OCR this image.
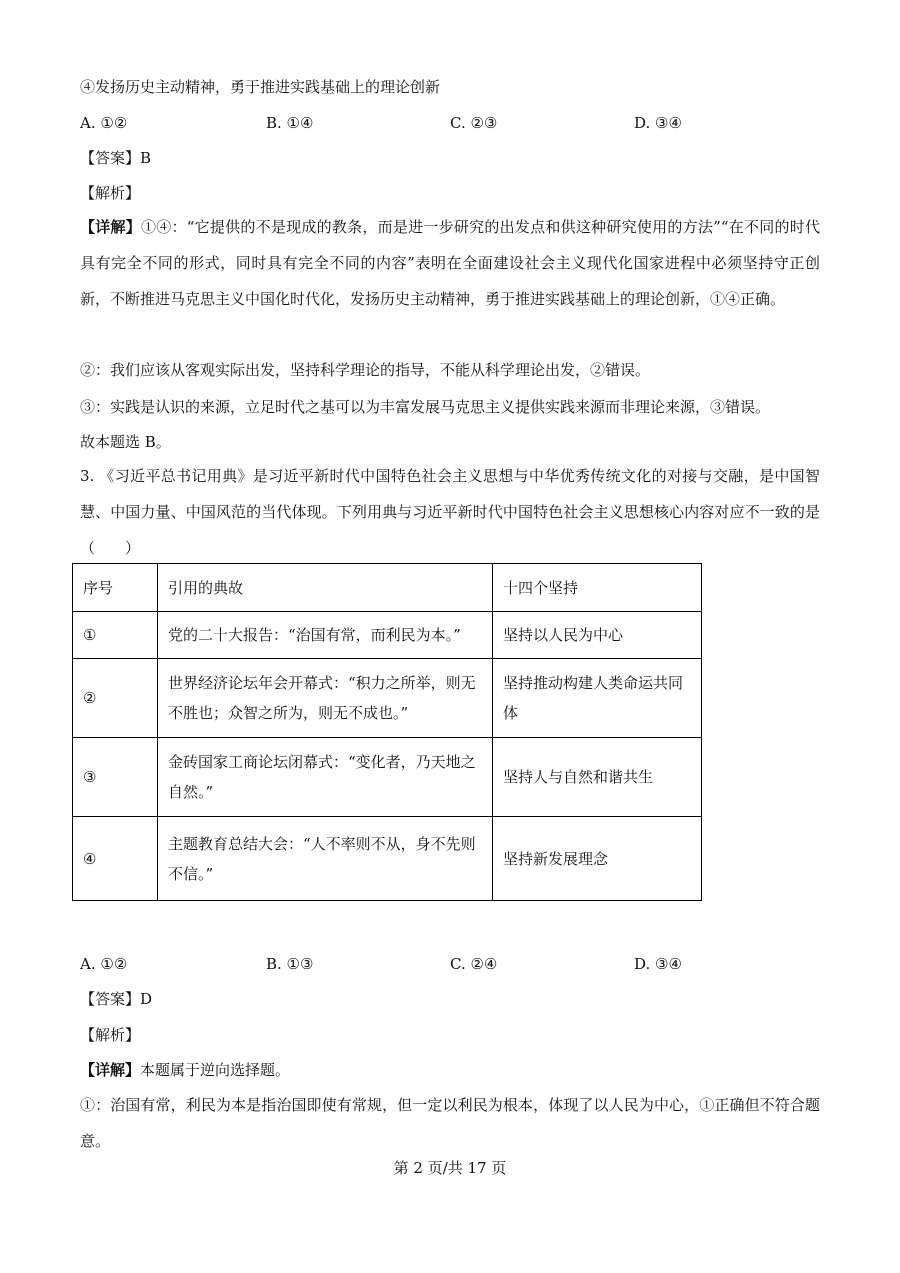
④发扬历史主动精神，勇于推进实践基础上的理论创新
A. ①②	B. ①④	C. ②③	D. ③④
【答案】B
【解析】
【详解】①④：“它提供的不是现成的教条，而是进一步研究的出发点和供这种研究使用的方法”“在不同的时代具有完全不同的形式，同时具有完全不同的内容”表明在全面建设社会主义现代化国家进程中必须坚持守正创新，不断推进马克思主义中国化时代化，发扬历史主动精神，勇于推进实践基础上的理论创新，①④正确。
②：我们应该从客观实际出发，坚持科学理论的指导，不能从科学理论出发，②错误。
③：实践是认识的来源，立足时代之基可以为丰富发展马克思主义提供实践来源而非理论来源，③错误。
故本题选 B。
3. 《习近平总书记用典》是习近平新时代中国特色社会主义思想与中华优秀传统文化的对接与交融，是中国智慧、中国力量、中国风范的当代体现。下列用典与习近平新时代中国特色社会主义思想核心内容对应不一致的是（　　）
序号	引用的典故	十四个坚持
①	党的二十大报告：“治国有常，而利民为本。”	坚持以人民为中心
②	世界经济论坛年会开幕式：“积力之所举，则无不胜也；众智之所为，则无不成也。”	坚持推动构建人类命运共同体
③	金砖国家工商论坛闭幕式：“变化者，乃天地之自然。”	坚持人与自然和谐共生
④	主题教育总结大会：“人不率则不从，身不先则不信。”	坚持新发展理念
A. ①②	B. ①③	C. ②④	D. ③④
【答案】D
【解析】
【详解】本题属于逆向选择题。
①：治国有常，利民为本是指治国即使有常规，但一定以利民为根本，体现了以人民为中心，①正确但不符合题意。
第 2 页/共 17 页
